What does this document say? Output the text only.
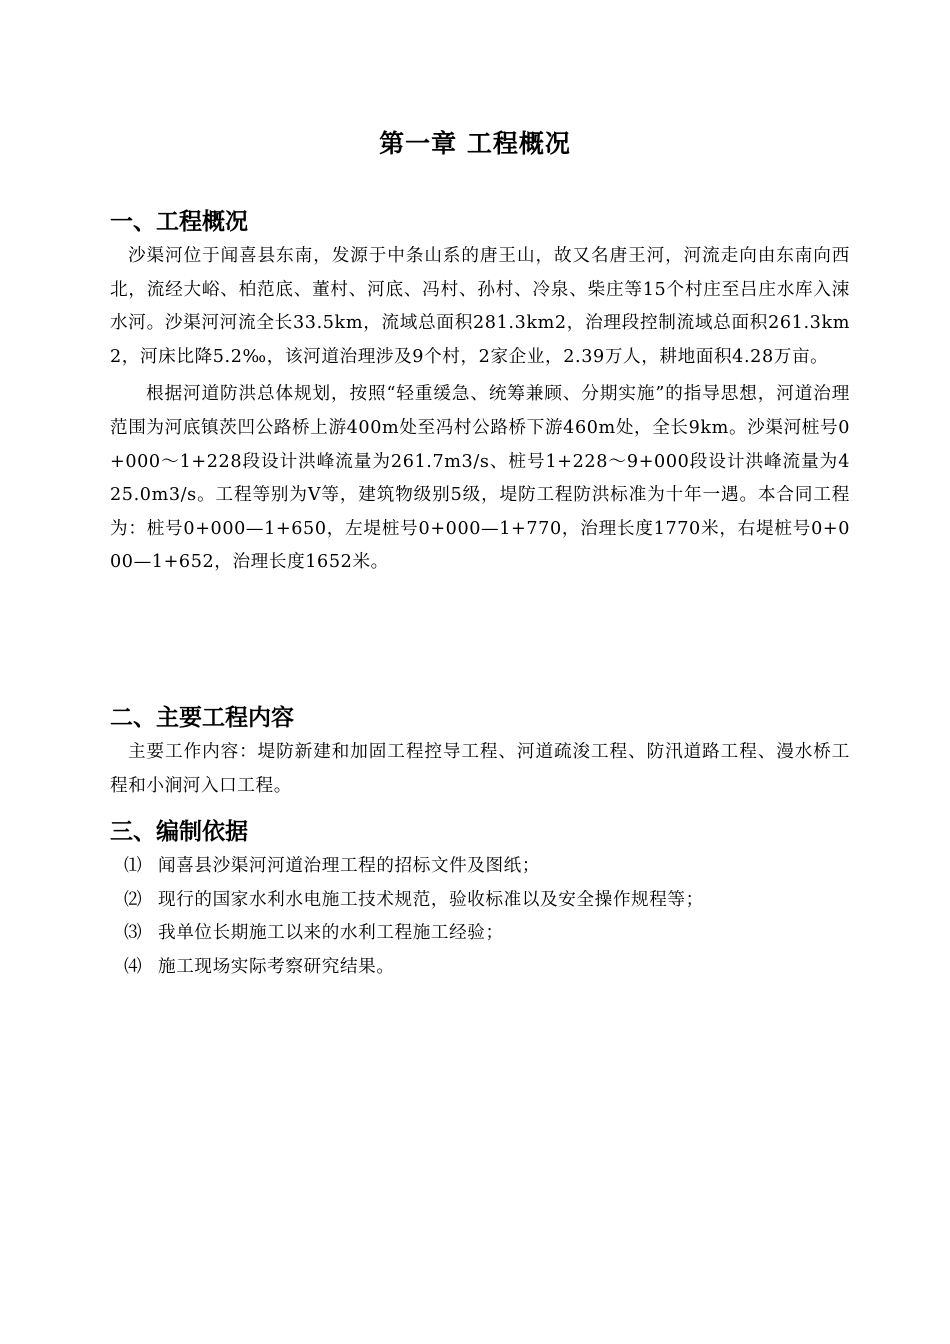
第一章 工程概况
一、工程概况

沙渠河位于闻喜县东南，发源于中条山系的唐王山，故又名唐王河，河流走向由东南向西北，流经大峪、柏范底、董村、河底、冯村、孙村、冷泉、柴庄等15个村庄至吕庄水库入涑水河。沙渠河河流全长33.5km，流域总面积281.3km2，治理段控制流域总面积261.3km2，河床比降5.2‰，该河道治理涉及9个村，2家企业，2.39万人，耕地面积4.28万亩。

根据河道防洪总体规划，按照“轻重缓急、统筹兼顾、分期实施”的指导思想，河道治理范围为河底镇茨凹公路桥上游400m处至冯村公路桥下游460m处，全长9km。沙渠河桩号0+000～1+228段设计洪峰流量为261.7m3/s、桩号1+228～9+000段设计洪峰流量为425.0m3/s。工程等别为Ⅴ等，建筑物级别5级，堤防工程防洪标准为十年一遇。本合同工程为：桩号0+000—1+650，左堤桩号0+000—1+770，治理长度1770米，右堤桩号0+000—1+652，治理长度1652米。

二、主要工程内容

主要工作内容：堤防新建和加固工程控导工程、河道疏浚工程、防汛道路工程、漫水桥工程和小涧河入口工程。

三、编制依据
⑴ 闻喜县沙渠河河道治理工程的招标文件及图纸；
⑵ 现行的国家水利水电施工技术规范，验收标准以及安全操作规程等；
⑶ 我单位长期施工以来的水利工程施工经验；
⑷ 施工现场实际考察研究结果。
